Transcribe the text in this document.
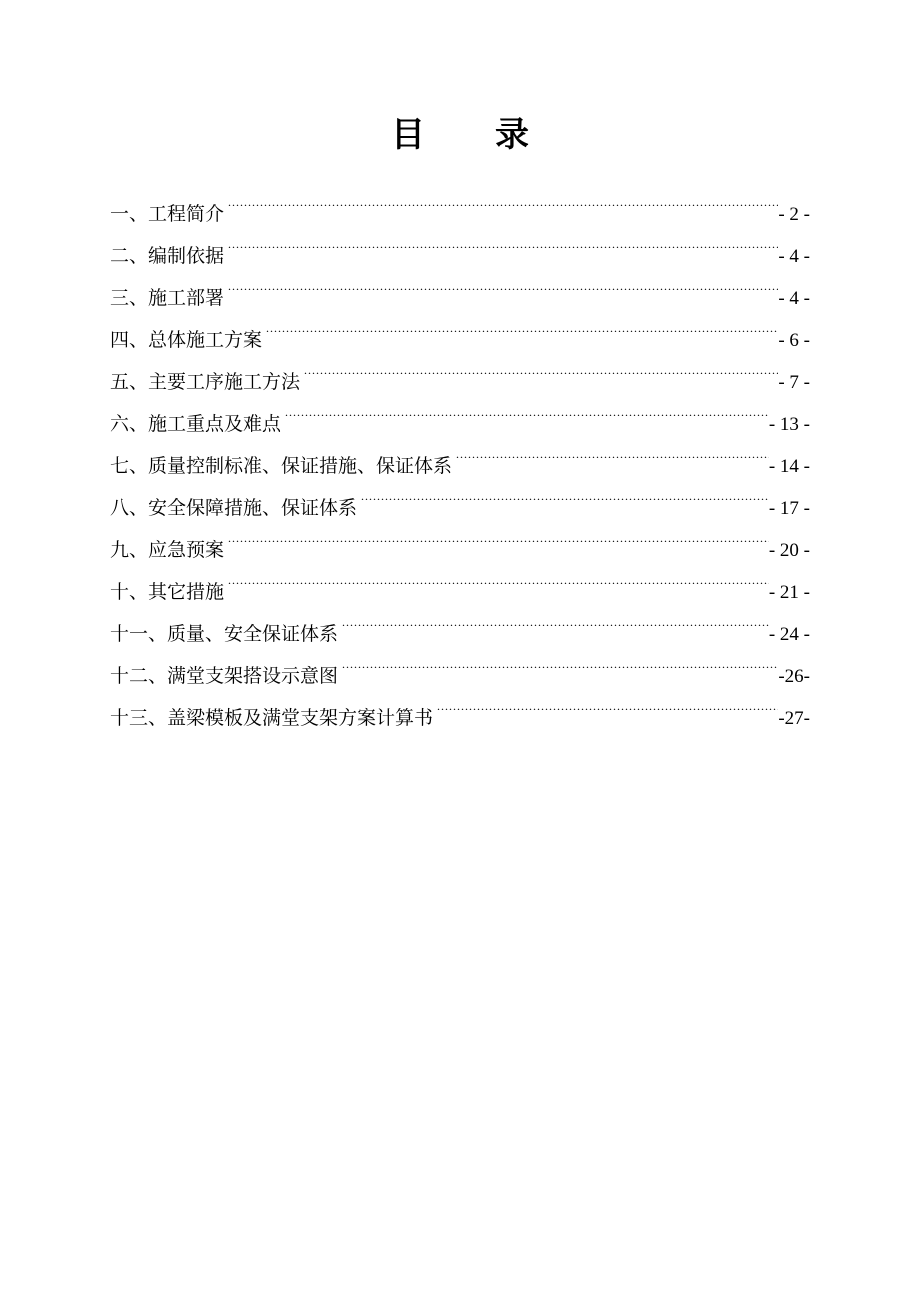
目 录
一、工程简介 .....	- 2 -
二、编制依据 .....	- 4 -
三、施工部署 .....	- 4 -
四、总体施工方案 .....	- 6 -
五、主要工序施工方法 .....	- 7 -
六、施工重点及难点 .....	- 13 -
七、质量控制标准、保证措施、保证体系 .....	- 14 -
八、安全保障措施、保证体系 .....	- 17 -
九、应急预案 .....	- 20 -
十、其它措施 .....	- 21 -
十一、质量、安全保证体系 .....	- 24 -
十二、满堂支架搭设示意图 .....	-26-
十三、盖梁模板及满堂支架方案计算书 .....	-27-
